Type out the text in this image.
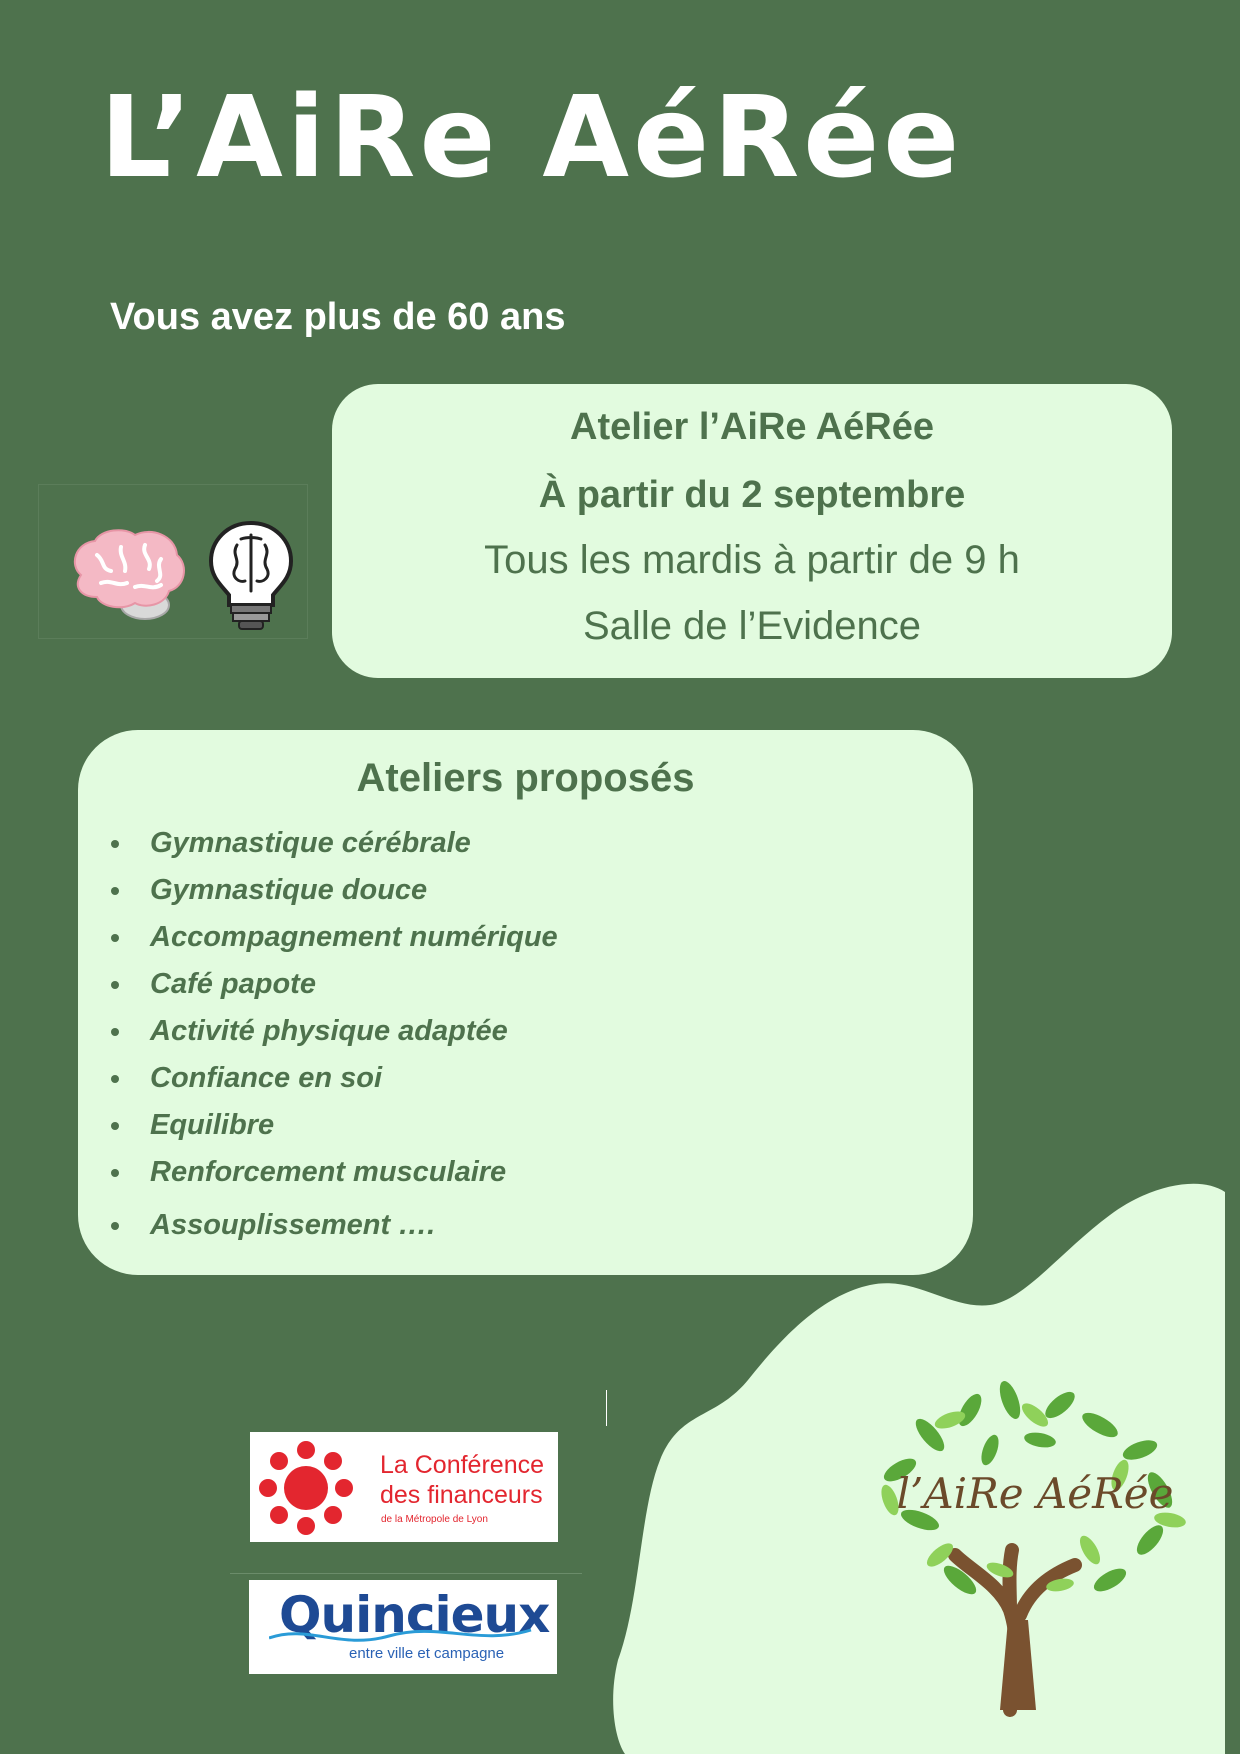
L’AiRe AéRée
Vous avez plus de 60 ans
Atelier l’AiRe AéRée
À partir du 2 septembre
Tous les mardis à partir de 9 h
Salle de l’Evidence
Ateliers proposés
• Gymnastique cérébrale
• Gymnastique douce
• Accompagnement numérique
• Café papote
• Activité physique adaptée
• Confiance en soi
• Equilibre
• Renforcement musculaire
• Assouplissement ….
La Conférence
des financeurs
de la Métropole de Lyon
Quincieux
entre ville et campagne
l’AiRe AéRée
